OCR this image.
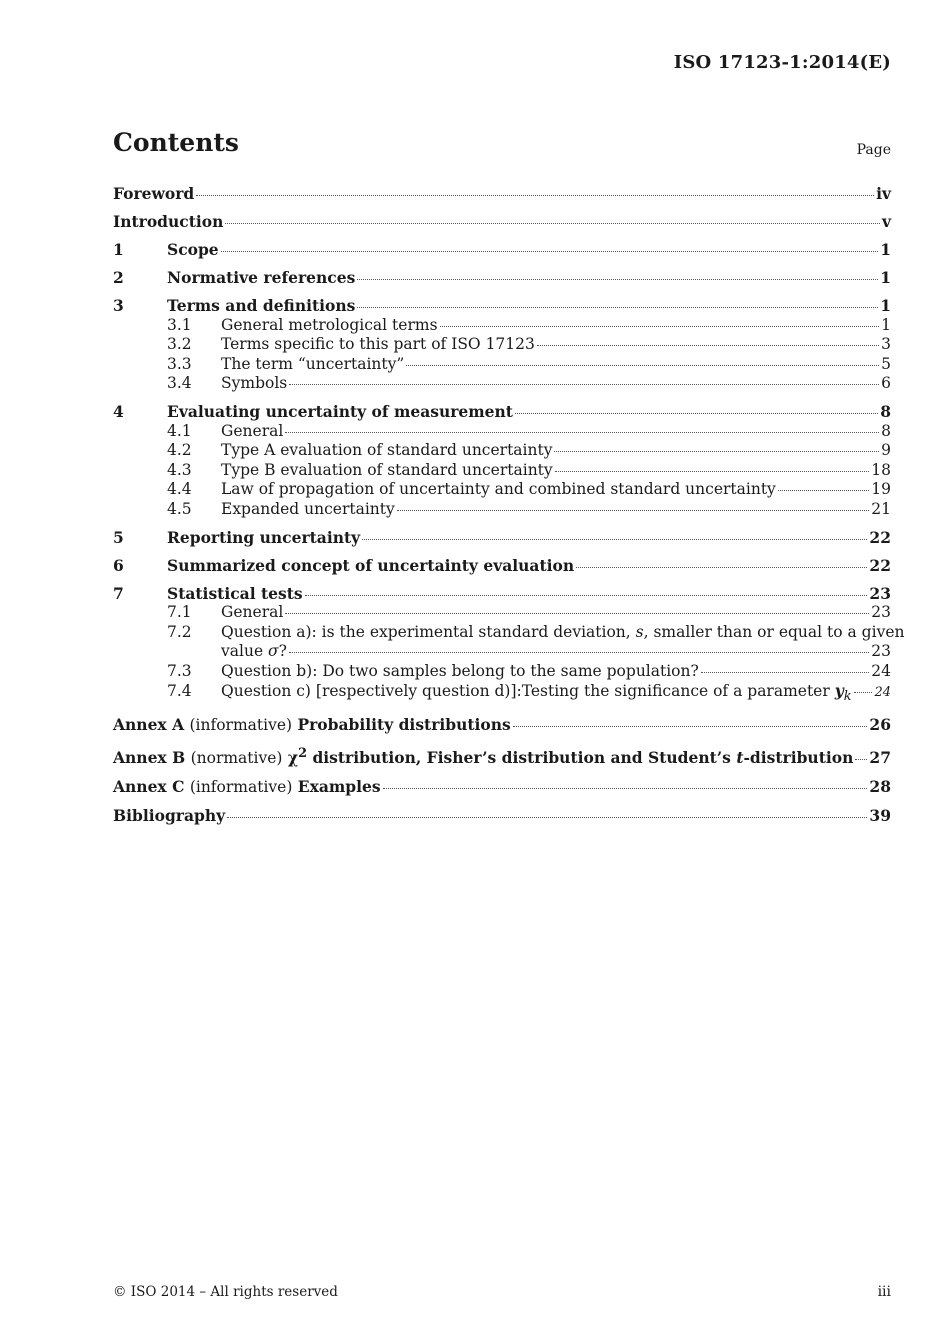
ISO 17123-1:2014(E)
Contents	Page
Foreword	iv
Introduction	v
1	Scope	1
2	Normative references	1
3	Terms and definitions	1
3.1	General metrological terms	1
3.2	Terms specific to this part of ISO 17123	3
3.3	The term “uncertainty”	5
3.4	Symbols	6
4	Evaluating uncertainty of measurement	8
4.1	General	8
4.2	Type A evaluation of standard uncertainty	9
4.3	Type B evaluation of standard uncertainty	18
4.4	Law of propagation of uncertainty and combined standard uncertainty	19
4.5	Expanded uncertainty	21
5	Reporting uncertainty	22
6	Summarized concept of uncertainty evaluation	22
7	Statistical tests	23
7.1	General	23
7.2	Question a): is the experimental standard deviation, s, smaller than or equal to a given
value σ?	23
7.3	Question b): Do two samples belong to the same population?	24
7.4	Question c) [respectively question d)]:Testing the significance of a parameter $y_k$ 24
Annex A (informative) Probability distributions	26
Annex B (normative) $\chi^2$ distribution, Fisher’s distribution and Student’s t-distribution 27
Annex C (informative) Examples	28
Bibliography	39
© ISO 2014 – All rights reserved	iii
